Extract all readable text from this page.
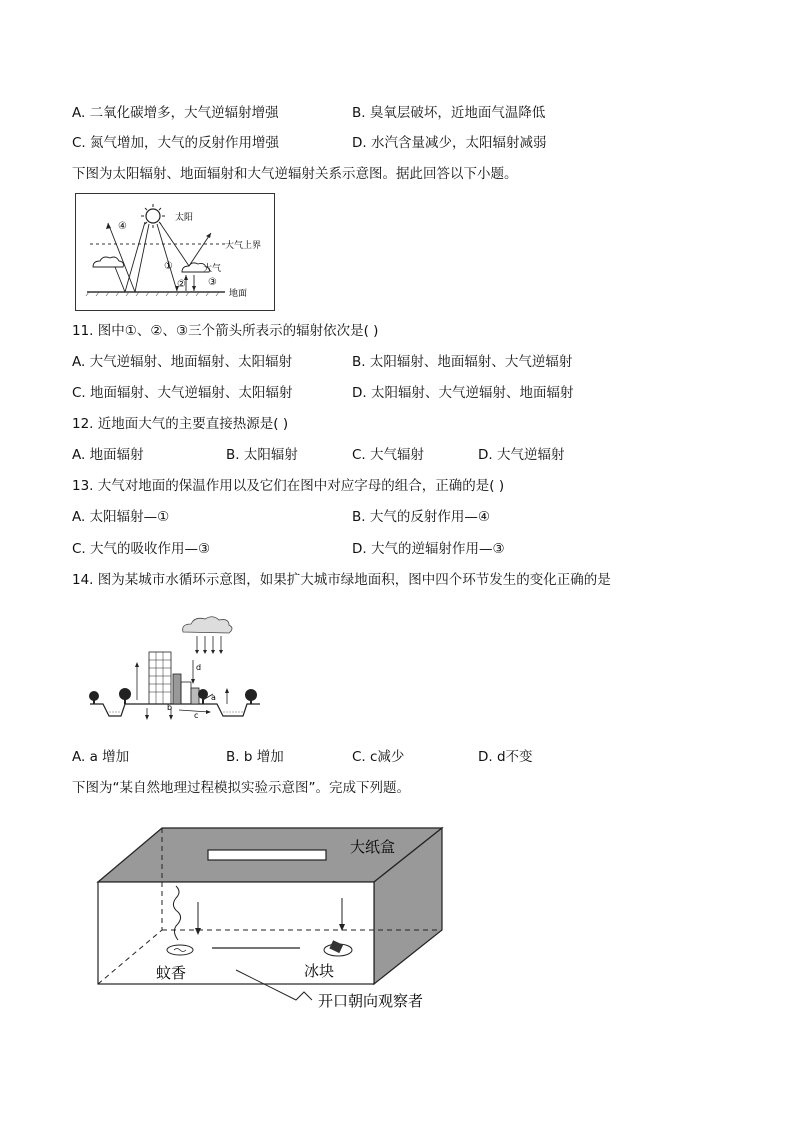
A. 二氧化碳增多，大气逆辐射增强	B. 臭氧层破坏，近地面气温降低
C. 氮气增加，大气的反射作用增强	D. 水汽含量减少，太阳辐射减弱
下图为太阳辐射、地面辐射和大气逆辐射关系示意图。据此回答以下小题。
太阳
大气上界
地面
大气
④
①
② ③
11. 图中①、②、③三个箭头所表示的辐射依次是( )
A. 大气逆辐射、地面辐射、太阳辐射	B. 太阳辐射、地面辐射、大气逆辐射
C. 地面辐射、大气逆辐射、太阳辐射	D. 太阳辐射、大气逆辐射、地面辐射
12. 近地面大气的主要直接热源是( )
A. 地面辐射	B. 太阳辐射	C. 大气辐射	D. 大气逆辐射
13. 大气对地面的保温作用以及它们在图中对应字母的组合，正确的是( )
A. 太阳辐射—①	B. 大气的反射作用—④
C. 大气的吸收作用—③	D. 大气的逆辐射作用—③
14. 图为某城市水循环示意图，如果扩大城市绿地面积，图中四个环节发生的变化正确的是
d
a
b
c
A. a 增加	B. b 增加	C. c减少	D. d不变
下图为“某自然地理过程模拟实验示意图”。完成下列题。
大纸盒
蚊香	冰块
开口朝向观察者
